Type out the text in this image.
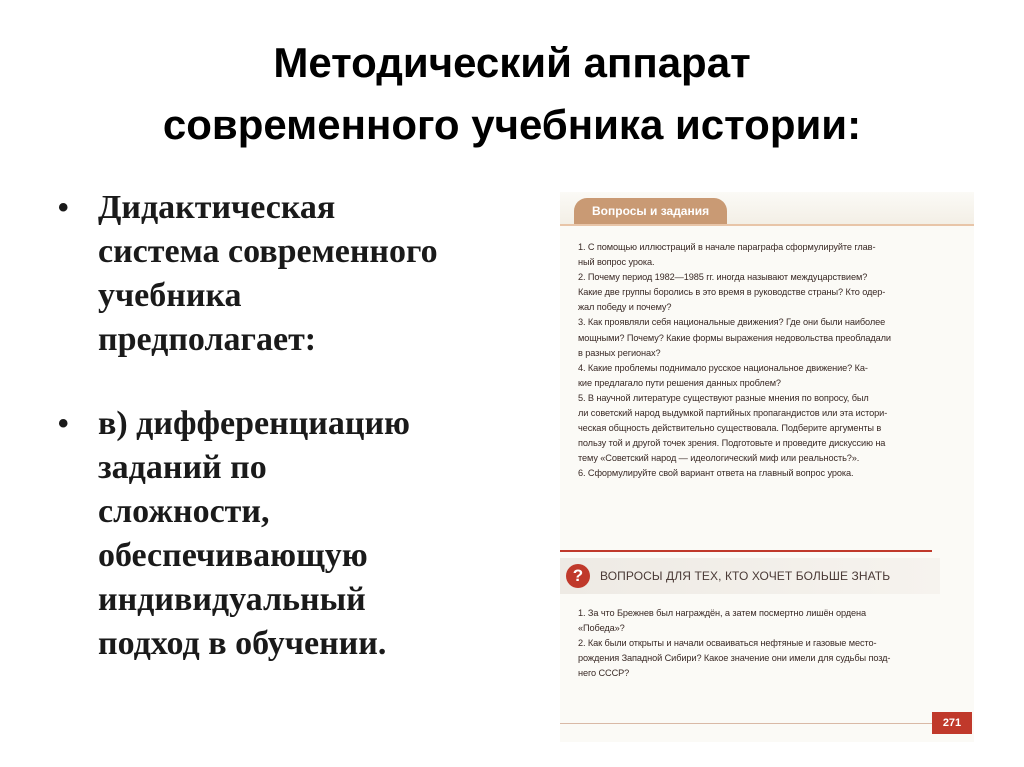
Методический аппарат
современного учебника истории:
• Дидактическая
система современного
учебника
предполагает:
• в) дифференциацию
заданий по
сложности,
обеспечивающую
индивидуальный
подход в обучении.
Вопросы и задания

1. С помощью иллюстраций в начале параграфа сформулируйте глав-

ный вопрос урока.

2. Почему период 1982—1985 гг. иногда называют междуцарствием?

Какие две группы боролись в это время в руководстве страны? Кто одер-

жал победу и почему?

3. Как проявляли себя национальные движения? Где они были наиболее

мощными? Почему? Какие формы выражения недовольства преобладали

в разных регионах?

4. Какие проблемы поднимало русское национальное движение? Ка-

кие предлагало пути решения данных проблем?

5. В научной литературе существуют разные мнения по вопросу, был

ли советский народ выдумкой партийных пропагандистов или эта истори-

ческая общность действительно существовала. Подберите аргументы в

пользу той и другой точек зрения. Подготовьте и проведите дискуссию на

тему «Советский народ — идеологический миф или реальность?».

6. Сформулируйте свой вариант ответа на главный вопрос урока.

?	ВОПРОСЫ ДЛЯ ТЕХ, КТО ХОЧЕТ БОЛЬШЕ ЗНАТЬ

1. За что Брежнев был награждён, а затем посмертно лишён ордена

«Победа»?

2. Как были открыты и начали осваиваться нефтяные и газовые место-

рождения Западной Сибири? Какое значение они имели для судьбы позд-

него СССР?

271
